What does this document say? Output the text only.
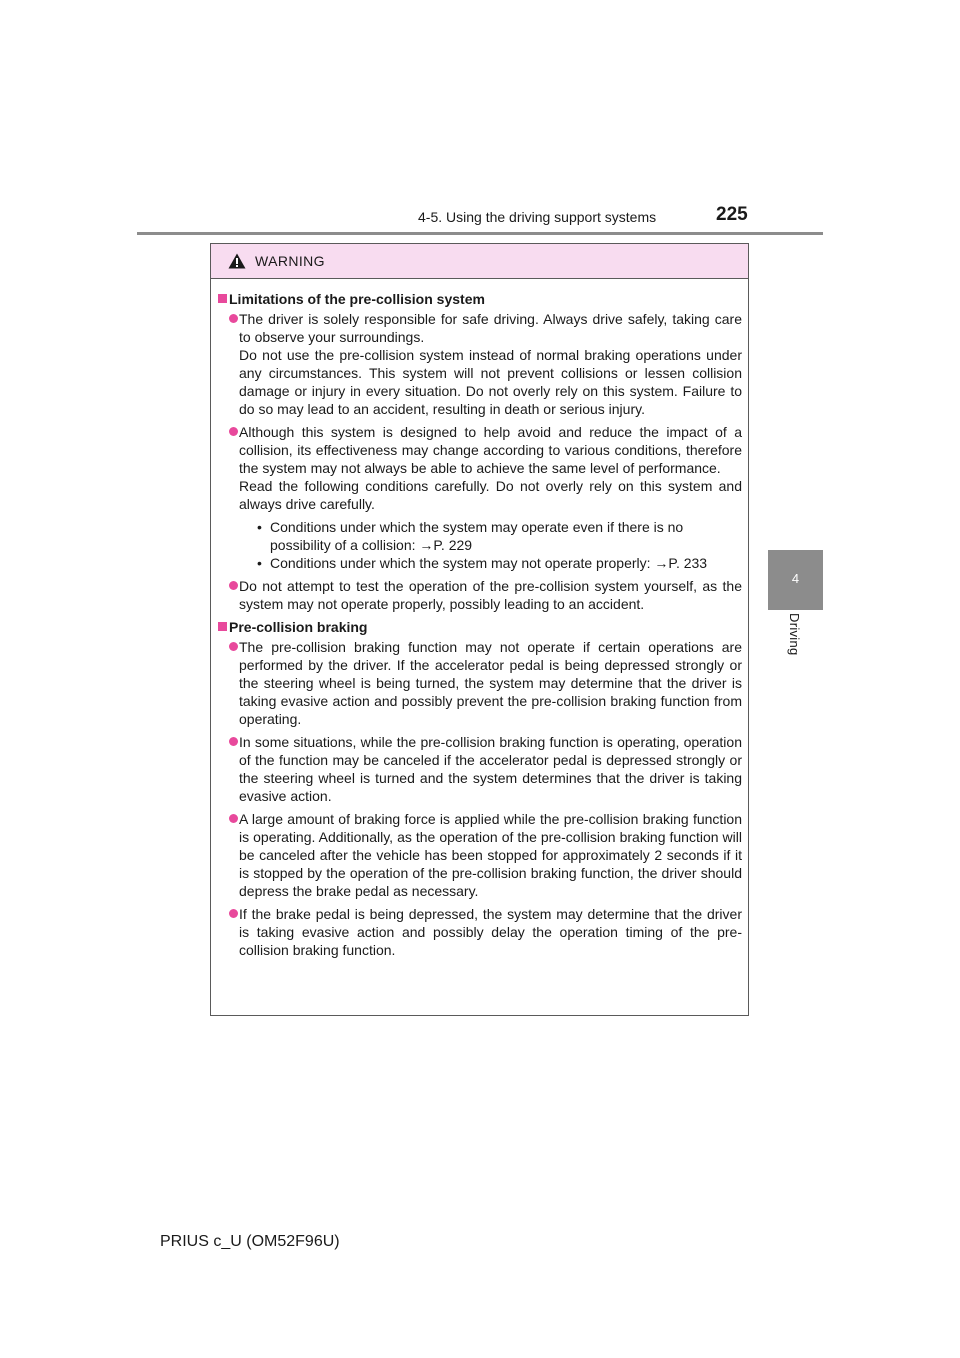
4-5. Using the driving support systems	225
4
Driving
WARNING
Limitations of the pre-collision system

The driver is solely responsible for safe driving. Always drive safely, taking care to observe your surroundings.

Do not use the pre-collision system instead of normal braking operations under any circumstances. This system will not prevent collisions or lessen collision damage or injury in every situation. Do not overly rely on this system. Failure to do so may lead to an accident, resulting in death or serious injury.

Although this system is designed to help avoid and reduce the impact of a collision, its effectiveness may change according to various conditions, therefore the system may not always be able to achieve the same level of performance.

Read the following conditions carefully. Do not overly rely on this system and always drive carefully.

• Conditions under which the system may operate even if there is no possibility of a collision: →P. 229
• Conditions under which the system may not operate properly: →P. 233

Do not attempt to test the operation of the pre-collision system yourself, as the system may not operate properly, possibly leading to an accident.

Pre-collision braking

The pre-collision braking function may not operate if certain operations are performed by the driver. If the accelerator pedal is being depressed strongly or the steering wheel is being turned, the system may determine that the driver is taking evasive action and possibly prevent the pre-collision braking function from operating.

In some situations, while the pre-collision braking function is operating, operation of the function may be canceled if the accelerator pedal is depressed strongly or the steering wheel is turned and the system determines that the driver is taking evasive action.

A large amount of braking force is applied while the pre-collision braking function is operating. Additionally, as the operation of the pre-collision braking function will be canceled after the vehicle has been stopped for approximately 2 seconds if it is stopped by the operation of the pre-collision braking function, the driver should depress the brake pedal as necessary.

If the brake pedal is being depressed, the system may determine that the driver is taking evasive action and possibly delay the operation timing of the pre-collision braking function.

PRIUS c_U (OM52F96U)
